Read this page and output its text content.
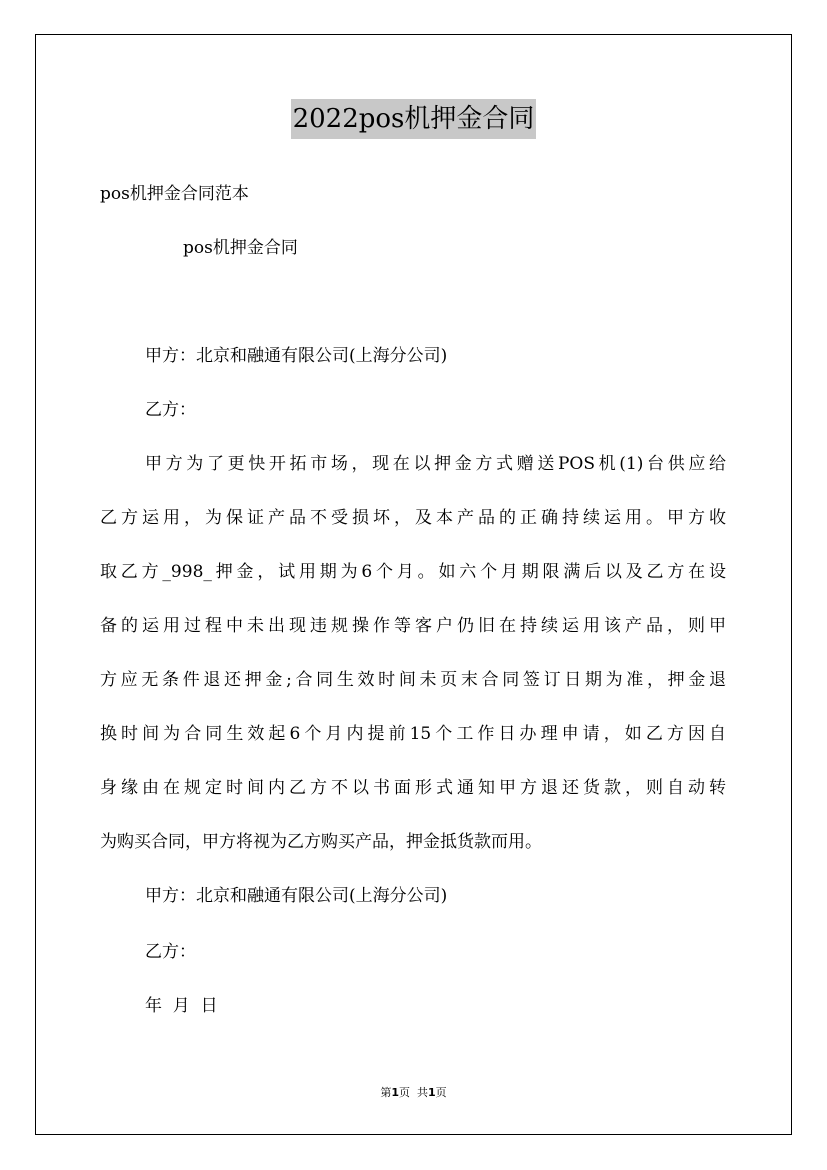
2022pos机押金合同
pos机押金合同范本
pos机押金合同
甲方：北京和融通有限公司(上海分公司)
乙方：
甲方为了更快开拓市场，现在以押金方式赠送POS机(1)台供应给
乙方运用，为保证产品不受损坏，及本产品的正确持续运用。甲方收
取乙方_998_押金，试用期为6个月。如六个月期限满后以及乙方在设
备的运用过程中未出现违规操作等客户仍旧在持续运用该产品，则甲
方应无条件退还押金;合同生效时间未页末合同签订日期为准，押金退
换时间为合同生效起6个月内提前15个工作日办理申请，如乙方因自
身缘由在规定时间内乙方不以书面形式通知甲方退还货款，则自动转
为购买合同，甲方将视为乙方购买产品，押金抵货款而用。
甲方：北京和融通有限公司(上海分公司)
乙方：
年  月  日
第1页  共1页
